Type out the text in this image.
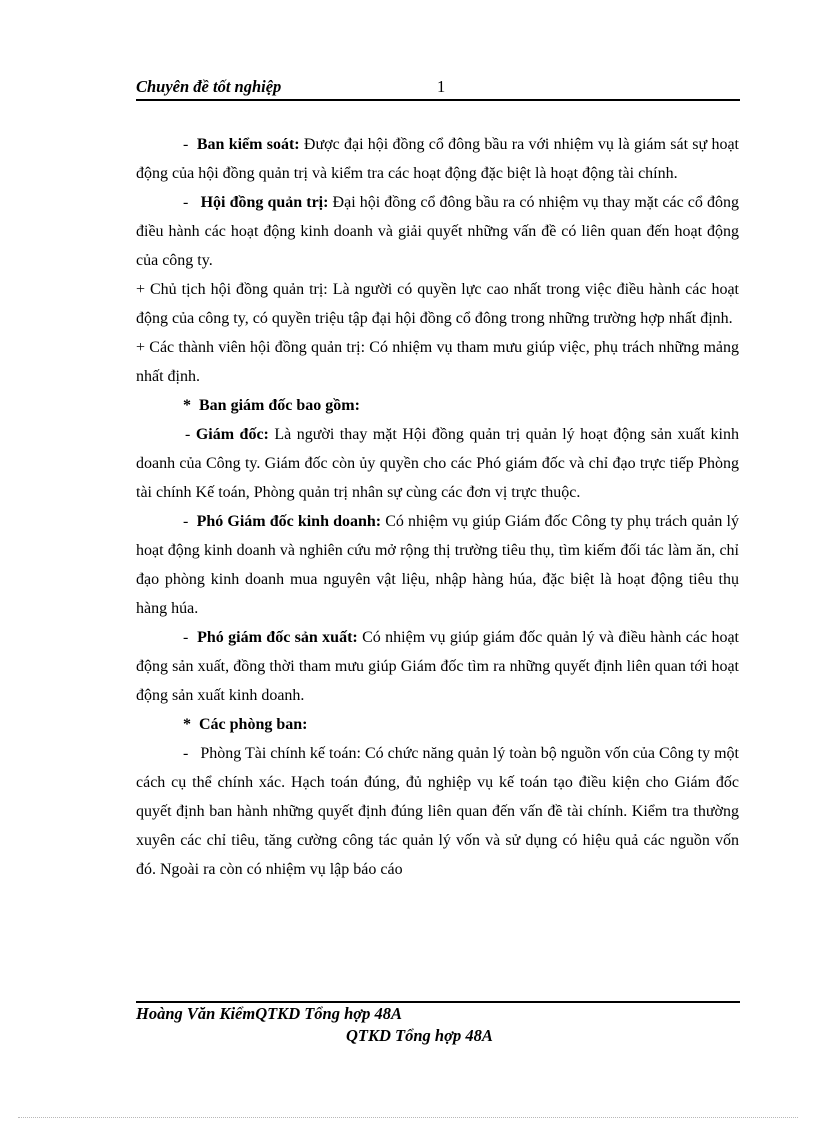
Chuyên đề tốt nghiệp	1

- Ban kiểm soát: Được đại hội đồng cổ đông bầu ra với nhiệm vụ là giám sát sự hoạt động của hội đồng quản trị và kiểm tra các hoạt động đặc biệt là hoạt động tài chính.

- Hội đồng quản trị: Đại hội đồng cổ đông bầu ra có nhiệm vụ thay mặt các cổ đông điều hành các hoạt động kinh doanh và giải quyết những vấn đề có liên quan đến hoạt động của công ty.

+ Chủ tịch hội đồng quản trị: Là người có quyền lực cao nhất trong việc điều hành các hoạt động của công ty, có quyền triệu tập đại hội đồng cổ đông trong những trường hợp nhất định.

+ Các thành viên hội đồng quản trị: Có nhiệm vụ tham mưu giúp việc, phụ trách những mảng nhất định.

* Ban giám đốc bao gồm:

- Giám đốc: Là người thay mặt Hội đồng quản trị quản lý hoạt động sản xuất kinh doanh của Công ty. Giám đốc còn ủy quyền cho các Phó giám đốc và chỉ đạo trực tiếp Phòng tài chính Kế toán, Phòng quản trị nhân sự cùng các đơn vị trực thuộc.

- Phó Giám đốc kinh doanh: Có nhiệm vụ giúp Giám đốc Công ty phụ trách quản lý hoạt động kinh doanh và nghiên cứu mở rộng thị trường tiêu thụ, tìm kiếm đối tác làm ăn, chỉ đạo phòng kinh doanh mua nguyên vật liệu, nhập hàng húa, đặc biệt là hoạt động tiêu thụ hàng húa.

- Phó giám đốc sản xuất: Có nhiệm vụ giúp giám đốc quản lý và điều hành các hoạt động sản xuất, đồng thời tham mưu giúp Giám đốc tìm ra những quyết định liên quan tới hoạt động sản xuất kinh doanh.

* Các phòng ban:

- Phòng Tài chính kế toán: Có chức năng quản lý toàn bộ nguồn vốn của Công ty một cách cụ thể chính xác. Hạch toán đúng, đủ nghiệp vụ kế toán tạo điều kiện cho Giám đốc quyết định ban hành những quyết định đúng liên quan đến vấn đề tài chính. Kiểm tra thường xuyên các chỉ tiêu, tăng cường công tác quản lý vốn và sử dụng có hiệu quả các nguồn vốn đó. Ngoài ra còn có nhiệm vụ lập báo cáo

Hoàng Văn KiểmQTKD Tổng hợp 48A
QTKD Tổng hợp 48A
